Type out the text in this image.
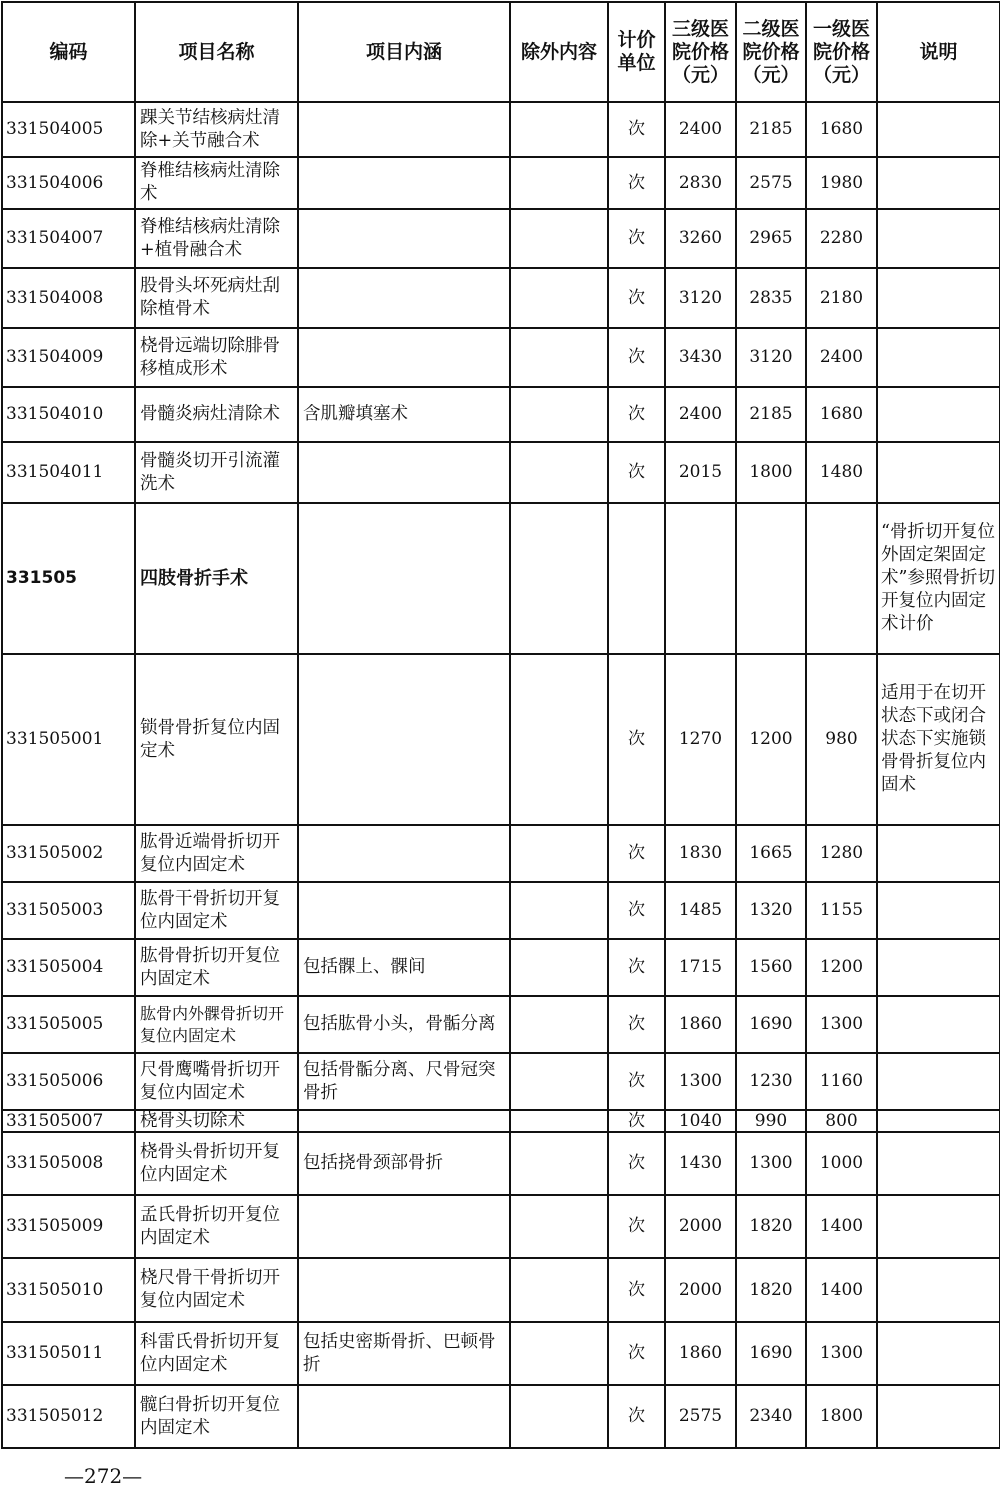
编码	项目名称	项目内涵	除外内容	计价单位	三级医院价格（元）	二级医院价格（元）	一级医院价格（元）	说明
331504005	踝关节结核病灶清除+关节融合术			次	2400	2185	1680	
331504006	脊椎结核病灶清除术			次	2830	2575	1980	
331504007	脊椎结核病灶清除+植骨融合术			次	3260	2965	2280	
331504008	股骨头坏死病灶刮除植骨术			次	3120	2835	2180	
331504009	桡骨远端切除腓骨移植成形术			次	3430	3120	2400	
331504010	骨髓炎病灶清除术	含肌瓣填塞术		次	2400	2185	1680	
331504011	骨髓炎切开引流灌洗术			次	2015	1800	1480	
331505	四肢骨折手术							“骨折切开复位外固定架固定术”参照骨折切开复位内固定术计价
331505001	锁骨骨折复位内固定术			次	1270	1200	980	适用于在切开状态下或闭合状态下实施锁骨骨折复位内固术
331505002	肱骨近端骨折切开复位内固定术			次	1830	1665	1280	
331505003	肱骨干骨折切开复位内固定术			次	1485	1320	1155	
331505004	肱骨骨折切开复位内固定术	包括髁上、髁间		次	1715	1560	1200	
331505005	肱骨内外髁骨折切开复位内固定术	包括肱骨小头，骨骺分离		次	1860	1690	1300	
331505006	尺骨鹰嘴骨折切开复位内固定术	包括骨骺分离、尺骨冠突骨折		次	1300	1230	1160	
331505007	桡骨头切除术			次	1040	990	800	
331505008	桡骨头骨折切开复位内固定术	包括挠骨颈部骨折		次	1430	1300	1000	
331505009	孟氏骨折切开复位内固定术			次	2000	1820	1400	
331505010	桡尺骨干骨折切开复位内固定术			次	2000	1820	1400	
331505011	科雷氏骨折切开复位内固定术	包括史密斯骨折、巴顿骨折		次	1860	1690	1300	
331505012	髋臼骨折切开复位内固定术			次	2575	2340	1800	
—272—
